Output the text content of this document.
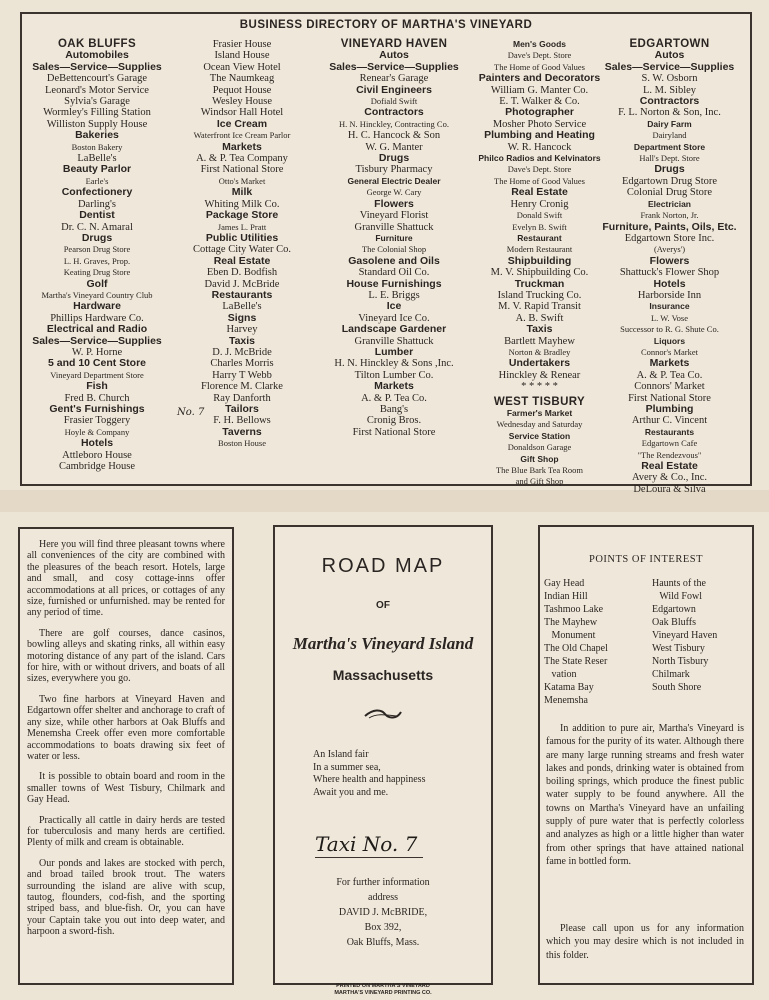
BUSINESS DIRECTORY OF MARTHA'S VINEYARD
OAK BLUFFS
Automobiles
Sales—Service—Supplies
DeBettencourt's Garage
Leonard's Motor Service
Sylvia's Garage
Wormley's Filling Station
Williston Supply House
Bakeries
Boston Bakery
LaBelle's
Beauty Parlor
Earle's
Confectionery
Darling's
Dentist
Dr. C. N. Amaral
Drugs
Pearson Drug Store
L. H. Graves, Prop.
Keating Drug Store
Golf
Martha's Vineyard Country Club
Hardware
Phillips Hardware Co.
Electrical and Radio
Sales—Service—Supplies
W. P. Horne
5 and 10 Cent Store
Vineyard Department Store
Fish
Fred B. Church
Gent's Furnishings
Frasier Toggery
Hoyle & Company
Hotels
Attleboro House
Cambridge House
Frasier House
Island House
Ocean View Hotel
The Naumkeag
Pequot House
Wesley House
Windsor Hall Hotel
Ice Cream
Waterfront Ice Cream Parlor
Markets
A. & P. Tea Company
First National Store
Otto's Market
Milk
Whiting Milk Co.
Package Store
James L. Pratt
Public Utilities
Cottage City Water Co.
Real Estate
Eben D. Bodfish
David J. McBride
Restaurants
LaBelle's
Signs
Harvey
Taxis
D. J. McBride
Charles Morris
Harry T Webb
Florence M. Clarke
Ray Danforth
Tailors
F. H. Bellows
Taverns
Boston House
VINEYARD HAVEN
Autos
Sales—Service—Supplies
Renear's Garage
Civil Engineers
Dofiald Swift
Contractors
H. N. Hinckley, Contracting Co.
H. C. Hancock & Son
W. G. Manter
Drugs
Tisbury Pharmacy
General Electric Dealer
George W. Cary
Flowers
Vineyard Florist
Granville Shattuck
Furniture
The Colonial Shop
Gasolene and Oils
Standard Oil Co.
House Furnishings
L. E. Briggs
Ice
Vineyard Ice Co.
Landscape Gardener
Granville Shattuck
Lumber
H. N. Hinckley & Sons ,Inc.
Tilton Lumber Co.
Markets
A. & P. Tea Co.
Bang's
Cronig Bros.
First National Store
Men's Goods
Dave's Dept. Store
The Home of Good Values
Painters and Decorators
William G. Manter Co.
E. T. Walker & Co.
Photographer
Mosher Photo Service
Plumbing and Heating
W. R. Hancock
Philco Radios and Kelvinators
Dave's Dept. Store
The Home of Good Values
Real Estate
Henry Cronig
Donald Swift
Evelyn B. Swift
Restaurant
Modern Restaurant
Shipbuilding
M. V. Shipbuilding Co.
Truckman
Island Trucking Co.
M. V. Rapid Transit
A. B. Swift
Taxis
Bartlett Mayhew
Norton & Bradley
Undertakers
Hinckley & Renear
* * * * *
WEST TISBURY
Farmer's Market
Wednesday and Saturday
Service Station
Donaldson Garage
Gift Shop
The Blue Bark Tea Room
and Gift Shop
EDGARTOWN
Autos
Sales—Service—Supplies
S. W. Osborn
L. M. Sibley
Contractors
F. L. Norton & Son, Inc.
Dairy Farm
Dairyland
Department Store
Hall's Dept. Store
Drugs
Edgartown Drug Store
Colonial Drug Store
Electrician
Frank Norton, Jr.
Furniture, Paints, Oils, Etc.
Edgartown Store Inc.
(Averys')
Flowers
Shattuck's Flower Shop
Hotels
Harborside Inn
Insurance
L. W. Vose
Successor to R. G. Shute Co.
Liquors
Connor's Market
Markets
A. & P. Tea Co.
Connors' Market
First National Store
Plumbing
Arthur C. Vincent
Restaurants
Edgartown Cafe
"The Rendezvous"
Real Estate
Avery & Co., Inc.
DeLoura & Silva
No. 7

Here you will find three pleasant towns where all conveniences of the city are combined with the pleasures of the beach resort. Hotels, large and small, and cosy cottage-inns offer accommodations at all prices, or cottages of any size, furnished or unfurnished. may be rented for any period of time.

There are golf courses, dance casinos, bowling alleys and skating rinks, all within easy motoring distance of any part of the island. Cars for hire, with or without drivers, and boats of all sizes, everywhere you go.

Two fine harbors at Vineyard Haven and Edgartown offer shelter and anchorage to craft of any size, while other harbors at Oak Bluffs and Menemsha Creek offer even more comfortable accommodations to boats drawing six feet of water or less.

It is possible to obtain board and room in the smaller towns of West Tisbury, Chilmark and Gay Head.

Practically all cattle in dairy herds are tested for tuberculosis and many herds are certified. Plenty of milk and cream is obtainable.

Our ponds and lakes are stocked with perch, and broad tailed brook trout. The waters surrounding the island are alive with scup, tautog, flounders, cod-fish, and the sporting striped bass, and blue-fish. Or, you can have your Captain take you out into deep water, and harpoon a sword-fish.

ROAD MAP
OF
Martha's Vineyard Island
Massachusetts
An Island fair
In a summer sea,
Where health and happiness
Await you and me.
Taxi No. 7
For further information
address
DAVID J. McBRIDE,
Box 392,
Oak Bluffs, Mass.
PRINTED ON MARTHA'S VINEYARD
MARTHA'S VINEYARD PRINTING CO.
POINTS OF INTEREST
Gay Head
Indian Hill
Tashmoo Lake
The Mayhew
Monument
The Old Chapel
The State Reser
vation
Katama Bay
Menemsha
Haunts of the
Wild Fowl
Edgartown
Oak Bluffs
Vineyard Haven
West Tisbury
North Tisbury
Chilmark
South Shore

In addition to pure air, Martha's Vineyard is famous for the purity of its water. Although there are many large running streams and fresh water lakes and ponds, drinking water is obtained from boiling springs, which produce the finest public water supply to be found anywhere. All the towns on Martha's Vineyard have an unfailing supply of pure water that is perfectly colorless and analyzes as high or a little higher than water from other springs that have attained national fame in bottled form.

Please call upon us for any information which you may desire which is not included in this folder.
